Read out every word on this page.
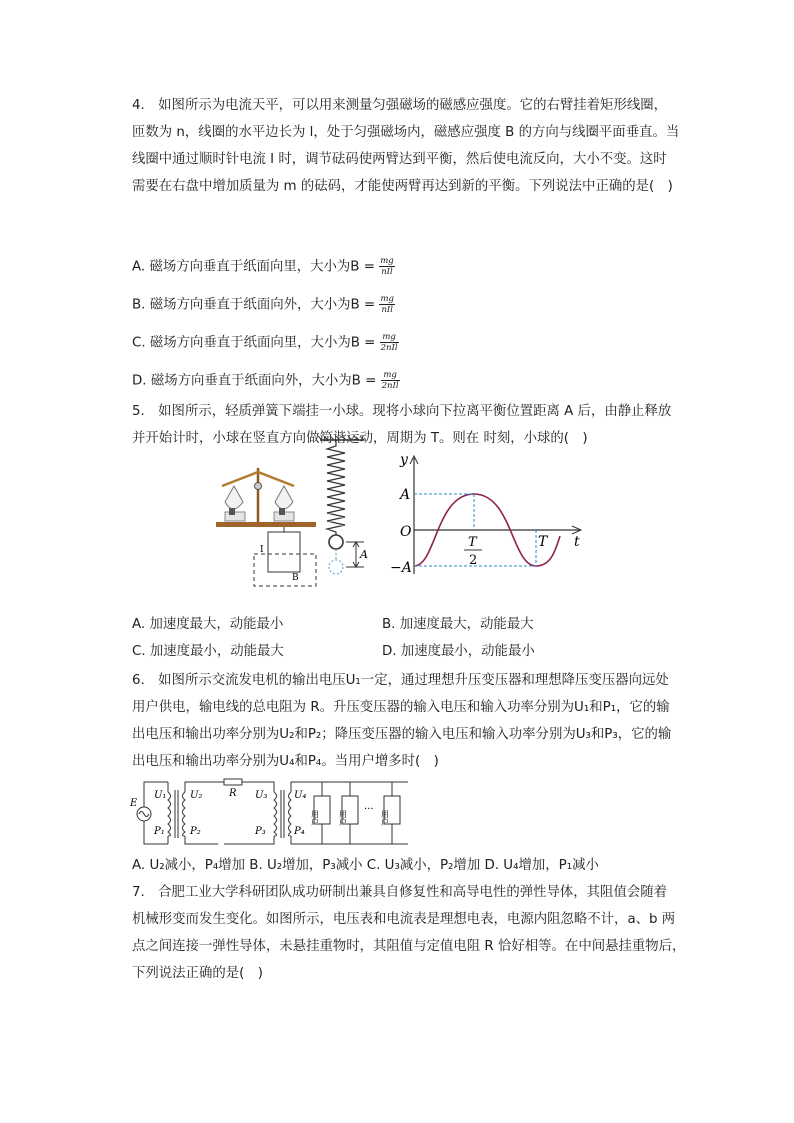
4.　如图所示为电流天平，可以用来测量匀强磁场的磁感应强度。它的右臂挂着矩形线圈，
匝数为 n，线圈的水平边长为 l，处于匀强磁场内，磁感应强度 B 的方向与线圈平面垂直。当
线圈中通过顺时针电流 I 时，调节砝码使两臂达到平衡，然后使电流反向，大小不变。这时
需要在右盘中增加质量为 m 的砝码，才能使两臂再达到新的平衡。下列说法中正确的是(　)
A. 磁场方向垂直于纸面向里，大小为$B = \frac{mg}{\text{nIl}}$
B. 磁场方向垂直于纸面向外，大小为$B = \frac{mg}{\text{nIl}}$
C. 磁场方向垂直于纸面向里，大小为$B = \frac{mg}{\text{2nIl}}$
D. 磁场方向垂直于纸面向外，大小为$B = \frac{mg}{\text{2nIl}}$
5.　如图所示，轻质弹簧下端挂一小球。现将小球向下拉离平衡位置距离 A 后，由静止释放
并开始计时，小球在竖直方向做简谐运动，周期为 T。则在 时刻，小球的(　)
I
B
A
y
A
O
−A
T
2
T t
A. 加速度最大，动能最小	B. 加速度最大，动能最大
C. 加速度最小，动能最大	D. 加速度最小，动能最小
6.　如图所示交流发电机的输出电压U₁一定，通过理想升压变压器和理想降压变压器向远处
用户供电，输电线的总电阻为 R。升压变压器的输入电压和输入功率分别为U₁和P₁，它的输
出电压和输出功率分别为U₂和P₂；降压变压器的输入电压和输入功率分别为U₃和P₃，它的输
出电压和输出功率分别为U₄和P₄。当用户增多时(　)
E
U₁
P₁
U₂
P₂
R U₃
P₃
U₄
P₄
用户 用户	用户
···
A. U₂减小，P₄增加 B. U₂增加，P₃减小 C. U₃减小，P₂增加 D. U₄增加，P₁减小
7.　合肥工业大学科研团队成功研制出兼具自修复性和高导电性的弹性导体，其阻值会随着
机械形变而发生变化。如图所示，电压表和电流表是理想电表，电源内阻忽略不计，a、b 两
点之间连接一弹性导体，未悬挂重物时，其阻值与定值电阻 R 恰好相等。在中间悬挂重物后，
下列说法正确的是(　)
